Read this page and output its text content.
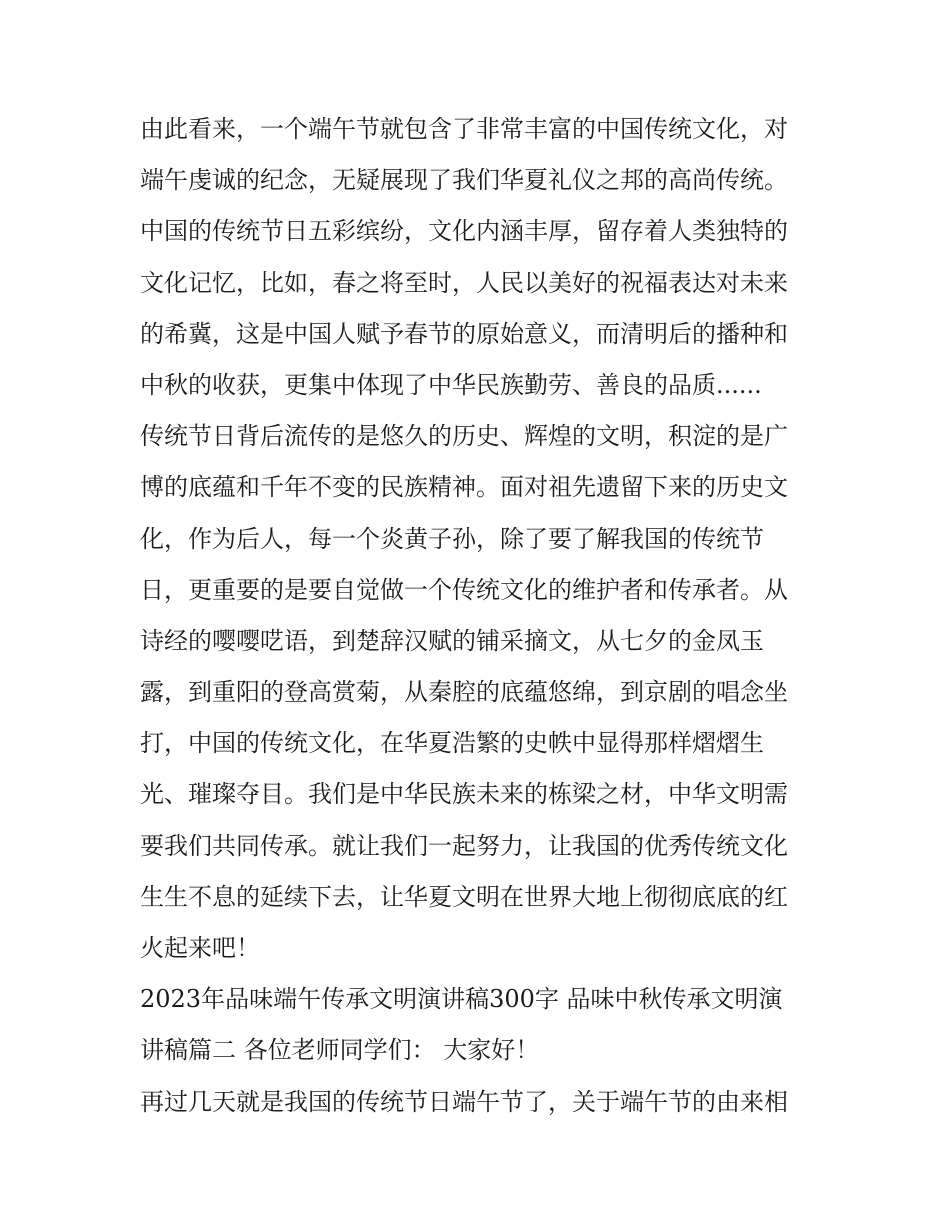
由此看来，一个端午节就包含了非常丰富的中国传统文化，对
端午虔诚的纪念，无疑展现了我们华夏礼仪之邦的高尚传统。
中国的传统节日五彩缤纷，文化内涵丰厚，留存着人类独特的
文化记忆，比如，春之将至时，人民以美好的祝福表达对未来
的希冀，这是中国人赋予春节的原始意义，而清明后的播种和
中秋的收获，更集中体现了中华民族勤劳、善良的品质......
传统节日背后流传的是悠久的历史、辉煌的文明，积淀的是广
博的底蕴和千年不变的民族精神。面对祖先遗留下来的历史文
化，作为后人，每一个炎黄子孙，除了要了解我国的传统节
日，更重要的是要自觉做一个传统文化的维护者和传承者。从
诗经的嘤嘤呓语，到楚辞汉赋的铺采摘文，从七夕的金凤玉
露，到重阳的登高赏菊，从秦腔的底蕴悠绵，到京剧的唱念坐
打，中国的传统文化，在华夏浩繁的史帙中显得那样熠熠生
光、璀璨夺目。我们是中华民族未来的栋梁之材，中华文明需
要我们共同传承。就让我们一起努力，让我国的优秀传统文化
生生不息的延续下去，让华夏文明在世界大地上彻彻底底的红
火起来吧！
2023年品味端午传承文明演讲稿300字 品味中秋传承文明演
讲稿篇二 各位老师同学们： 大家好！
再过几天就是我国的传统节日端午节了，关于端午节的由来相
